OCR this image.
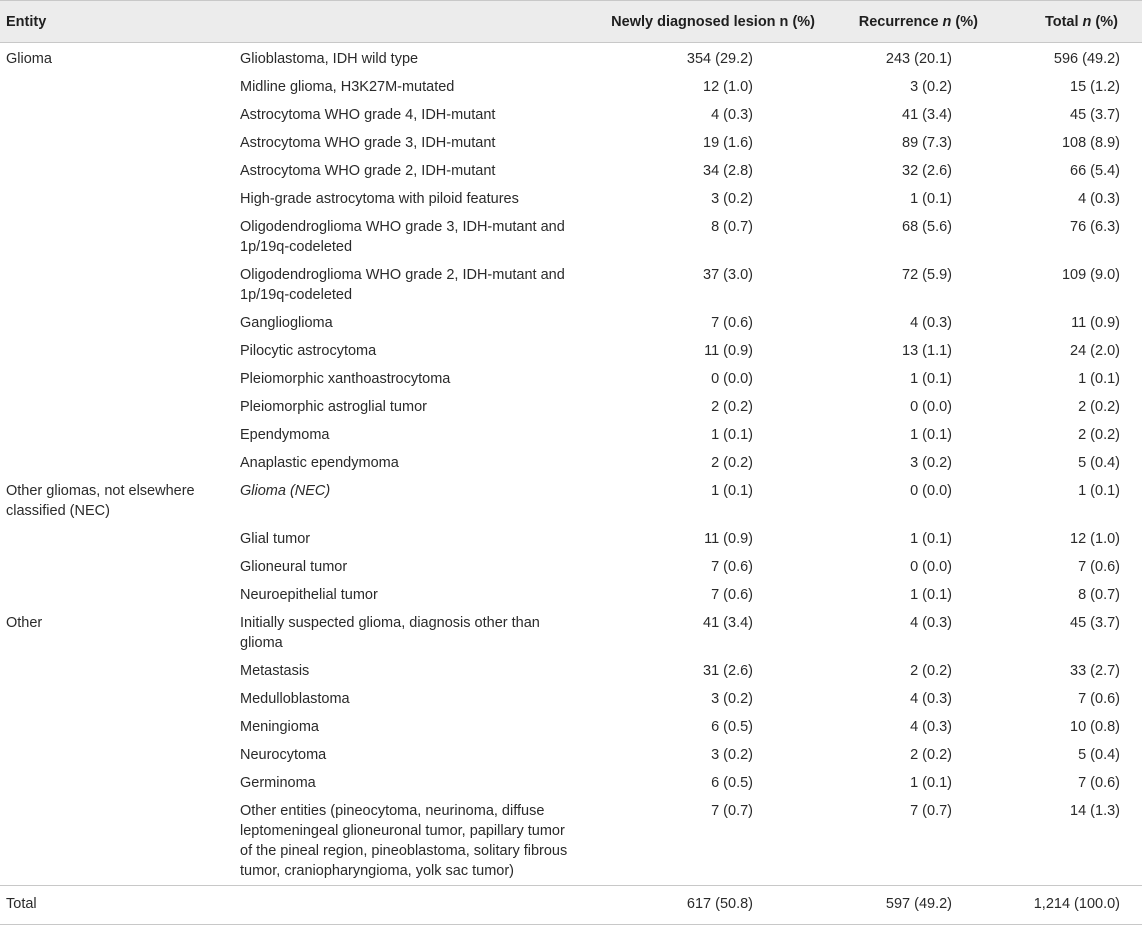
Entity		Newly diagnosed lesion n (%)	Recurrence n (%)	Total n (%)
Glioma	Glioblastoma, IDH wild type	354 (29.2)	243 (20.1)	596 (49.2)
	Midline glioma, H3K27M-mutated	12 (1.0)	3 (0.2)	15 (1.2)
	Astrocytoma WHO grade 4, IDH-mutant	4 (0.3)	41 (3.4)	45 (3.7)
	Astrocytoma WHO grade 3, IDH-mutant	19 (1.6)	89 (7.3)	108 (8.9)
	Astrocytoma WHO grade 2, IDH-mutant	34 (2.8)	32 (2.6)	66 (5.4)
	High-grade astrocytoma with piloid features	3 (0.2)	1 (0.1)	4 (0.3)
	Oligodendroglioma WHO grade 3, IDH-mutant and 1p/19q-codeleted	8 (0.7)	68 (5.6)	76 (6.3)
	Oligodendroglioma WHO grade 2, IDH-mutant and 1p/19q-codeleted	37 (3.0)	72 (5.9)	109 (9.0)
	Ganglioglioma	7 (0.6)	4 (0.3)	11 (0.9)
	Pilocytic astrocytoma	11 (0.9)	13 (1.1)	24 (2.0)
	Pleiomorphic xanthoastrocytoma	0 (0.0)	1 (0.1)	1 (0.1)
	Pleiomorphic astroglial tumor	2 (0.2)	0 (0.0)	2 (0.2)
	Ependymoma	1 (0.1)	1 (0.1)	2 (0.2)
	Anaplastic ependymoma	2 (0.2)	3 (0.2)	5 (0.4)
Other gliomas, not elsewhere classified (NEC)	Glioma (NEC)	1 (0.1)	0 (0.0)	1 (0.1)
	Glial tumor	11 (0.9)	1 (0.1)	12 (1.0)
	Glioneural tumor	7 (0.6)	0 (0.0)	7 (0.6)
	Neuroepithelial tumor	7 (0.6)	1 (0.1)	8 (0.7)
Other	Initially suspected glioma, diagnosis other than glioma	41 (3.4)	4 (0.3)	45 (3.7)
	Metastasis	31 (2.6)	2 (0.2)	33 (2.7)
	Medulloblastoma	3 (0.2)	4 (0.3)	7 (0.6)
	Meningioma	6 (0.5)	4 (0.3)	10 (0.8)
	Neurocytoma	3 (0.2)	2 (0.2)	5 (0.4)
	Germinoma	6 (0.5)	1 (0.1)	7 (0.6)
	Other entities (pineocytoma, neurinoma, diffuse leptomeningeal glioneuronal tumor, papillary tumor of the pineal region, pineoblastoma, solitary fibrous tumor, craniopharyngioma, yolk sac tumor)	7 (0.7)	7 (0.7)	14 (1.3)
Total		617 (50.8)	597 (49.2)	1,214 (100.0)
